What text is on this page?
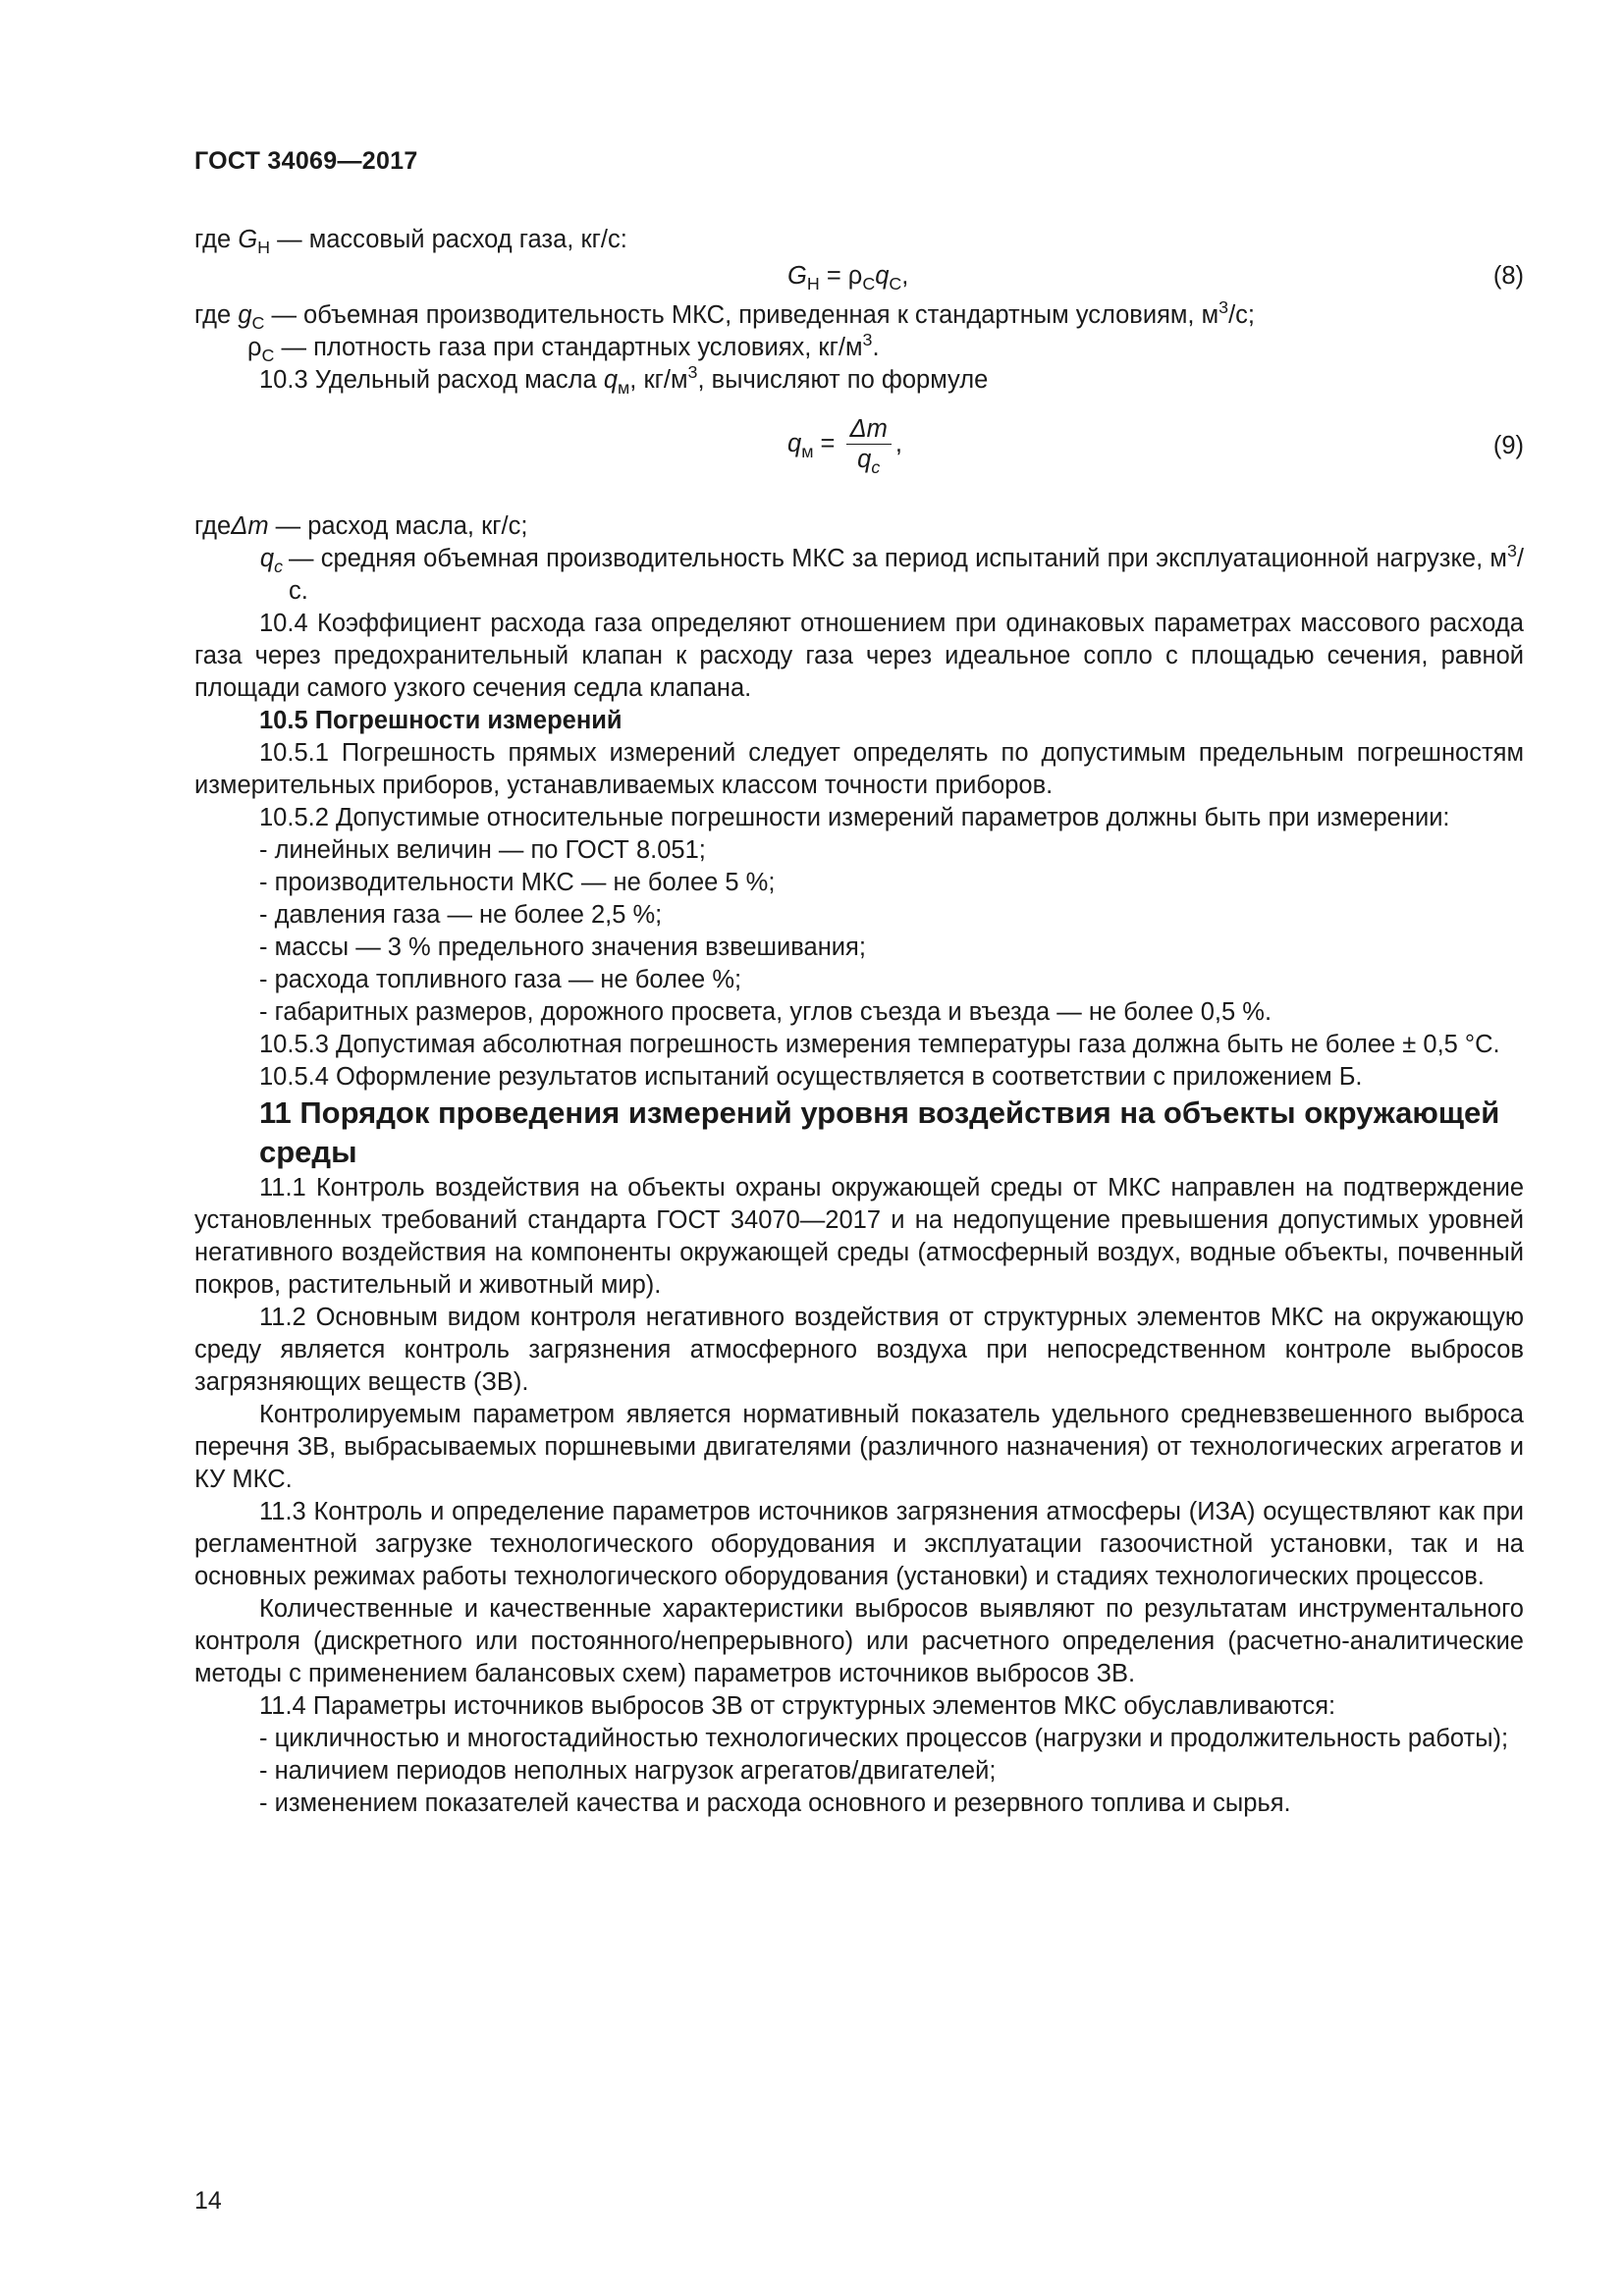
ГОСТ 34069—2017

где $G_H$ — массовый расход газа, кг/с:

$G_H = \rho_Cq_C$,	(8)

где $g_C$ — объемная производительность МКС, приведенная к стандартным условиям, $м^3/с$;

$\rho_C$ — плотность газа при стандартных условиях, $кг/м^3$.

10.3 Удельный расход масла $q_м$, $кг/м^3$, вычисляют по формуле

$q_м = \frac{\Delta m}{q_c}$ ,	(9)

гдеΔm — расход масла, кг/с;

$q_c$ — средняя объемная производительность МКС за период испытаний при эксплуатационной нагрузке, $м^3/с$.

10.4 Коэффициент расхода газа определяют отношением при одинаковых параметрах массового расхода газа через предохранительный клапан к расходу газа через идеальное сопло с площадью сечения, равной площади самого узкого сечения седла клапана.

10.5 Погрешности измерений

10.5.1 Погрешность прямых измерений следует определять по допустимым предельным погрешностям измерительных приборов, устанавливаемых классом точности приборов.

10.5.2 Допустимые относительные погрешности измерений параметров должны быть при измерении:

- линейных величин — по ГОСТ 8.051;

- производительности МКС — не более 5 %;

- давления газа — не более 2,5 %;

- массы — 3 % предельного значения взвешивания;

- расхода топливного газа — не более %;

- габаритных размеров, дорожного просвета, углов съезда и въезда — не более 0,5 %.

10.5.3 Допустимая абсолютная погрешность измерения температуры газа должна быть не более ± 0,5 °С.

10.5.4 Оформление результатов испытаний осуществляется в соответствии с приложением Б.

11 Порядок проведения измерений уровня воздействия на объекты окружающей среды

11.1 Контроль воздействия на объекты охраны окружающей среды от МКС направлен на подтверждение установленных требований стандарта ГОСТ 34070—2017 и на недопущение превышения допустимых уровней негативного воздействия на компоненты окружающей среды (атмосферный воздух, водные объекты, почвенный покров, растительный и животный мир).

11.2 Основным видом контроля негативного воздействия от структурных элементов МКС на окружающую среду является контроль загрязнения атмосферного воздуха при непосредственном контроле выбросов загрязняющих веществ (ЗВ).

Контролируемым параметром является нормативный показатель удельного средневзвешенного выброса перечня ЗВ, выбрасываемых поршневыми двигателями (различного назначения) от технологических агрегатов и КУ МКС.

11.3 Контроль и определение параметров источников загрязнения атмосферы (ИЗА) осуществляют как при регламентной загрузке технологического оборудования и эксплуатации газоочистной установки, так и на основных режимах работы технологического оборудования (установки) и стадиях технологических процессов.

Количественные и качественные характеристики выбросов выявляют по результатам инструментального контроля (дискретного или постоянного/непрерывного) или расчетного определения (расчетно-аналитические методы с применением балансовых схем) параметров источников выбросов ЗВ.

11.4 Параметры источников выбросов ЗВ от структурных элементов МКС обуславливаются:

- цикличностью и многостадийностью технологических процессов (нагрузки и продолжительность работы);

- наличием периодов неполных нагрузок агрегатов/двигателей;

- изменением показателей качества и расхода основного и резервного топлива и сырья.

14
